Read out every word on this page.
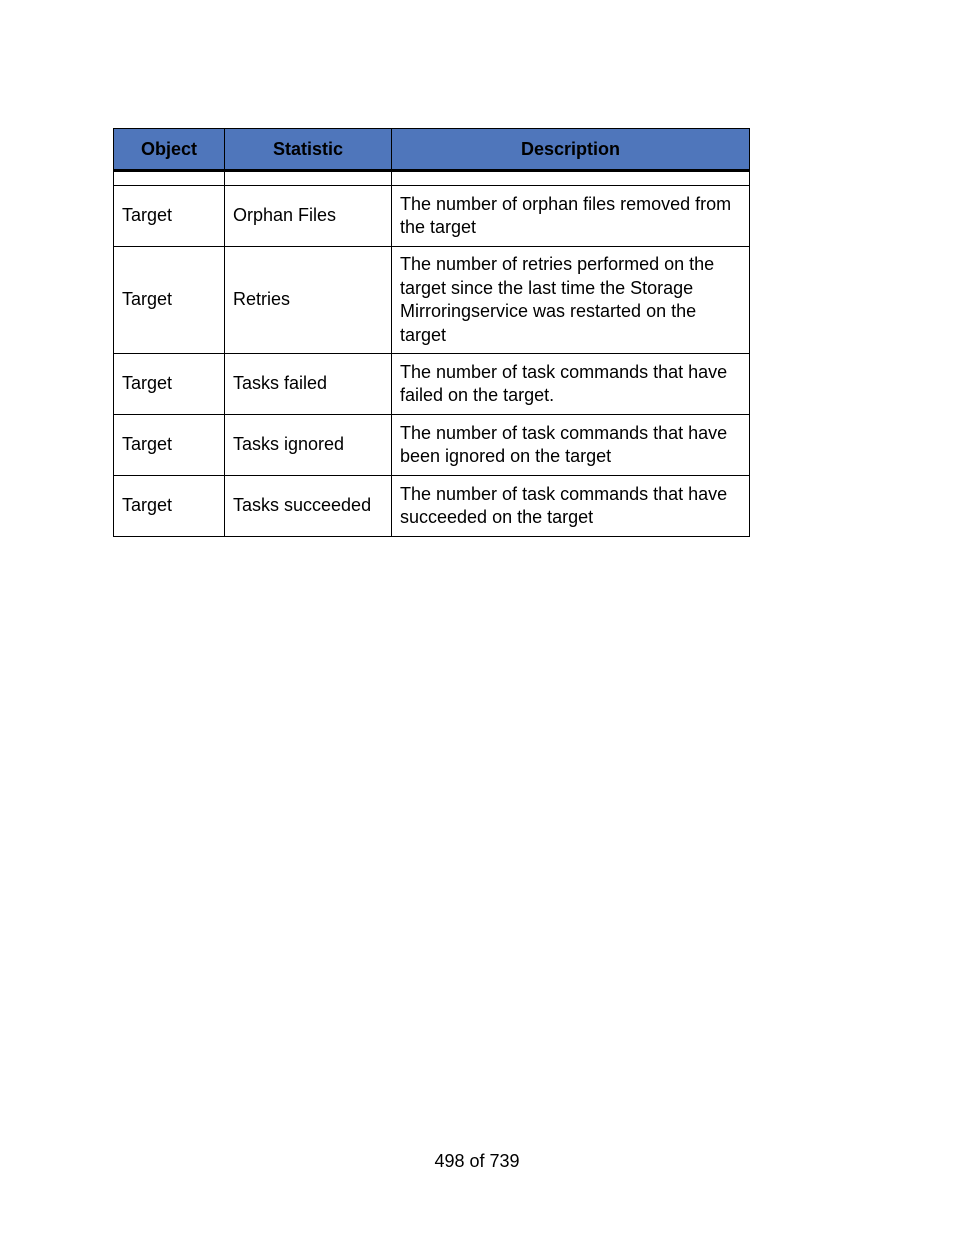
Object	Statistic	Description

Target	Orphan Files	The number of orphan files removed from the target
Target	Retries	The number of retries performed on the target since the last time the Storage Mirroringservice was restarted on the target
Target	Tasks failed	The number of task commands that have failed on the target.
Target	Tasks ignored	The number of task commands that have been ignored on the target
Target	Tasks succeeded	The number of task commands that have succeeded on the target
498 of 739
